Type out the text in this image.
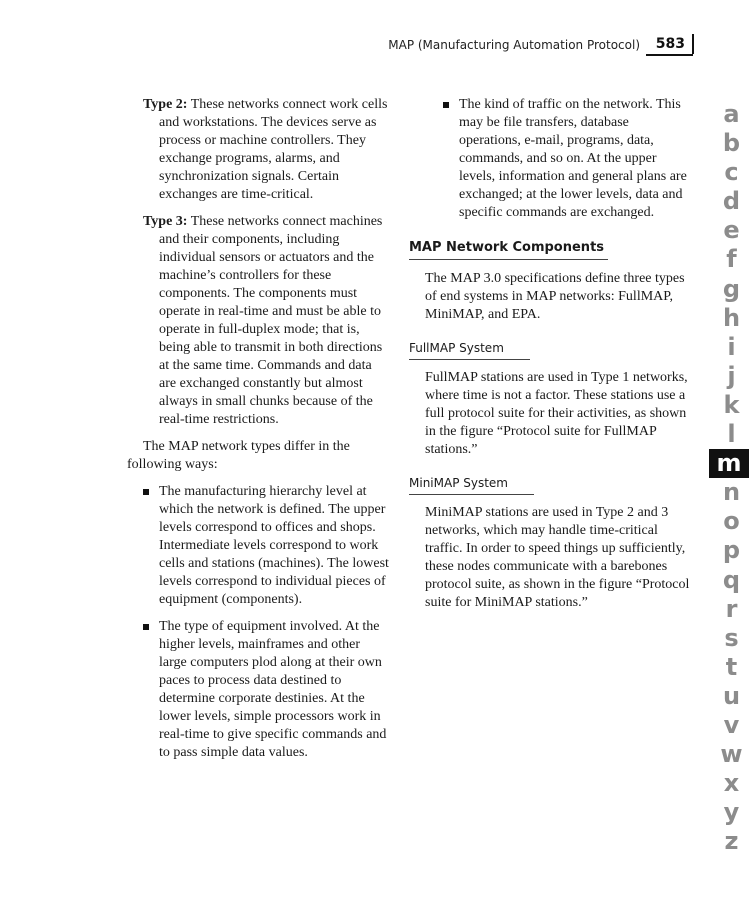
MAP (Manufacturing Automation Protocol) 583

Type 2: These networks connect work cells and workstations. The devices serve as process or machine controllers. They exchange programs, alarms, and synchronization signals. Certain exchanges are time-critical.

Type 3: These networks connect machines and their components, including individual sensors or actuators and the machine’s controllers for these components. The components must operate in real-time and must be able to operate in full-duplex mode; that is, being able to transmit in both directions at the same time. Commands and data are exchanged constantly but almost always in small chunks because of the real-time restrictions.

The MAP network types differ in the following ways:

The manufacturing hierarchy level at which the network is defined. The upper levels correspond to offices and shops. Intermediate levels correspond to work cells and stations (machines). The lowest levels correspond to individual pieces of equipment (components).
The type of equipment involved. At the higher levels, mainframes and other large computers plod along at their own paces to process data destined to determine corporate destinies. At the lower levels, simple processors work in real-time to give specific commands and to pass simple data values.
The kind of traffic on the network. This may be file transfers, database operations, e-mail, programs, data, commands, and so on. At the upper levels, information and general plans are exchanged; at the lower levels, data and specific commands are exchanged.
MAP Network Components

The MAP 3.0 specifications define three types of end systems in MAP networks: FullMAP, MiniMAP, and EPA.

FullMAP System

FullMAP stations are used in Type 1 networks, where time is not a factor. These stations use a full protocol suite for their activities, as shown in the figure “Protocol suite for FullMAP stations.”

MiniMAP System

MiniMAP stations are used in Type 2 and 3 networks, which may handle time-critical traffic. In order to speed things up sufficiently, these nodes communicate with a barebones protocol suite, as shown in the figure “Protocol suite for MiniMAP stations.”

a
b
c
d
e
f
g
h
i
j
k
l
m
n
o
p
q
r
s
t
u
v
w
x
y
z
